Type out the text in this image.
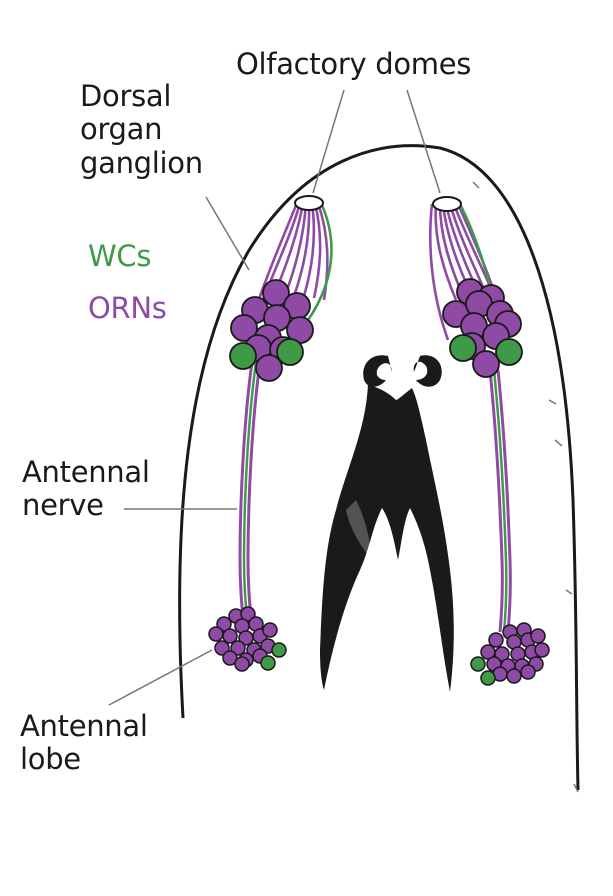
Olfactory domes
Dorsal
organ
ganglion
WCs
ORNs
Antennal
nerve
Antennal
lobe
